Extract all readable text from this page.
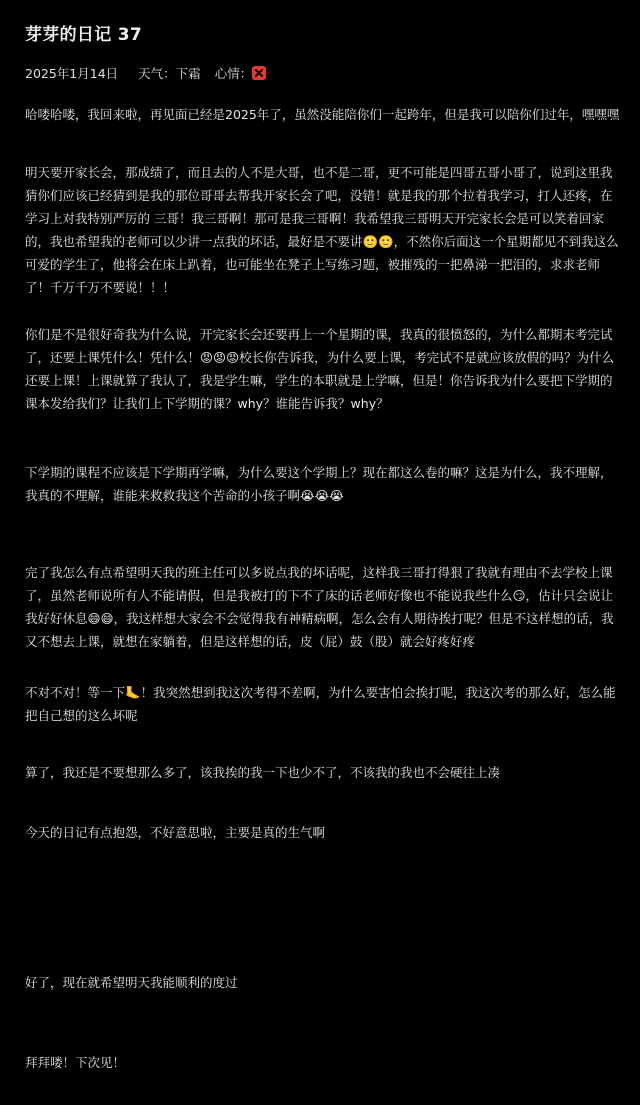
芽芽的日记 37
2025年1月14日 天气：下霜 心情：

哈喽哈喽，我回来啦，再见面已经是2025年了，虽然没能陪你们一起跨年，但是我可以陪你们过年，嘿嘿嘿

明天要开家长会，那成绩了，而且去的人不是大哥，也不是二哥，更不可能是四哥五哥小哥了，说到这里我猜你们应该已经猜到是我的那位哥哥去帮我开家长会了吧，没错！就是我的那个拉着我学习，打人还疼，在学习上对我特别严厉的 三哥！我三哥啊！那可是我三哥啊！我希望我三哥明天开完家长会是可以笑着回家的，我也希望我的老师可以少讲一点我的坏话，最好是不要讲🙂🙂，不然你后面这一个星期都见不到我这么可爱的学生了，他将会在床上趴着，也可能坐在凳子上写练习题，被摧残的一把鼻涕一把泪的，求求老师了！千万千万不要说！！！

你们是不是很好奇我为什么说，开完家长会还要再上一个星期的课，我真的很愤怒的，为什么都期末考完试了，还要上课凭什么！凭什么！😡😡😡校长你告诉我，为什么要上课，考完试不是就应该放假的吗？为什么还要上课！上课就算了我认了，我是学生嘛，学生的本职就是上学嘛，但是！你告诉我为什么要把下学期的课本发给我们？让我们上下学期的课？why？谁能告诉我？why？

下学期的课程不应该是下学期再学嘛，为什么要这个学期上？现在都这么卷的嘛？这是为什么，我不理解，我真的不理解，谁能来救救我这个苦命的小孩子啊😭😭😭

完了我怎么有点希望明天我的班主任可以多说点我的坏话呢，这样我三哥打得狠了我就有理由不去学校上课了，虽然老师说所有人不能请假，但是我被打的下不了床的话老师好像也不能说我些什么😏，估计只会说让我好好休息😄😄，我这样想大家会不会觉得我有神精病啊，怎么会有人期待挨打呢？但是不这样想的话，我又不想去上课，就想在家躺着，但是这样想的话，皮（屁）鼓（股）就会好疼好疼

不对不对！等一下🦶！我突然想到我这次考得不差啊，为什么要害怕会挨打呢，我这次考的那么好，怎么能把自己想的这么坏呢

算了，我还是不要想那么多了，该我挨的我一下也少不了，不该我的我也不会硬往上凑

今天的日记有点抱怨，不好意思啦，主要是真的生气啊

好了，现在就希望明天我能顺利的度过

拜拜喽！下次见！
